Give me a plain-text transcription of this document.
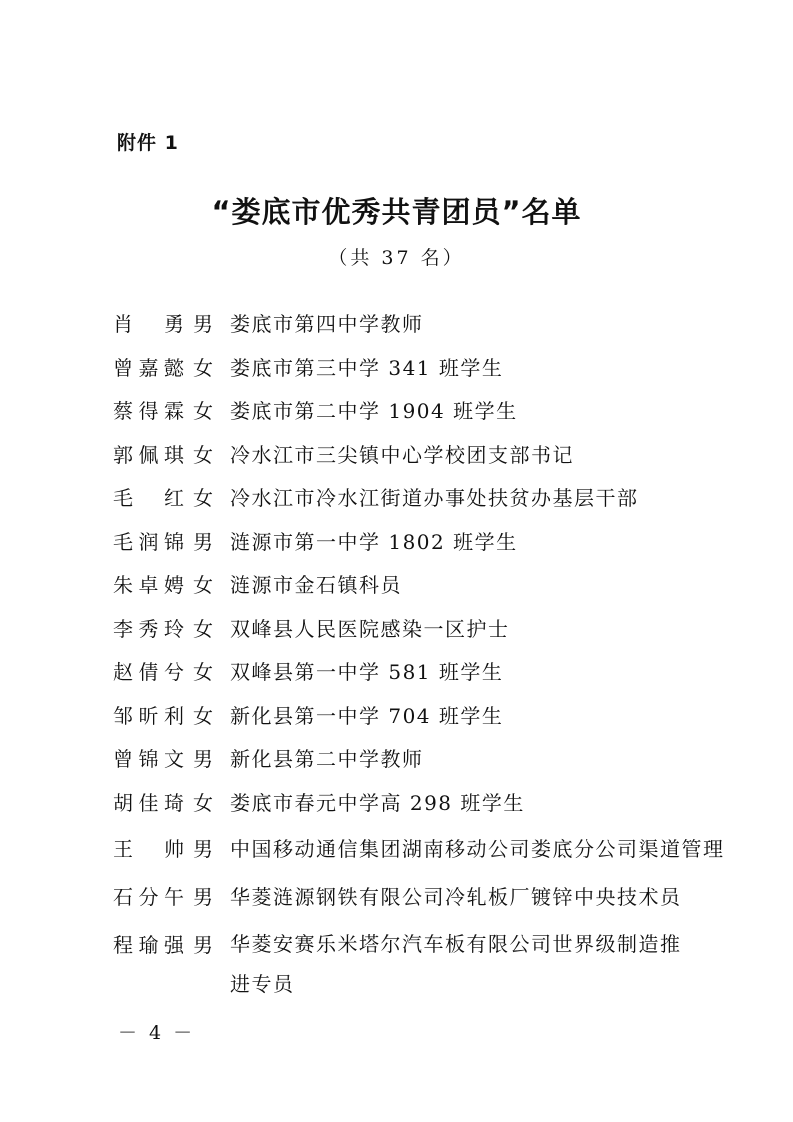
附件 1
“娄底市优秀共青团员”名单
（共 37 名）
肖勇 男 娄底市第四中学教师
曾嘉懿 女 娄底市第三中学 341 班学生
蔡得霖 女 娄底市第二中学 1904 班学生
郭佩琪 女 冷水江市三尖镇中心学校团支部书记
毛红 女 冷水江市冷水江街道办事处扶贫办基层干部
毛润锦 男 涟源市第一中学 1802 班学生
朱卓娉 女 涟源市金石镇科员
李秀玲 女 双峰县人民医院感染一区护士
赵倩兮 女 双峰县第一中学 581 班学生
邹昕利 女 新化县第一中学 704 班学生
曾锦文 男 新化县第二中学教师
胡佳琦 女 娄底市春元中学高 298 班学生
王帅 男 中国移动通信集团湖南移动公司娄底分公司渠道管理
石分午 男 华菱涟源钢铁有限公司冷轧板厂镀锌中央技术员
程瑜强 男 华菱安赛乐米塔尔汽车板有限公司世界级制造推进专员
－ 4 －
